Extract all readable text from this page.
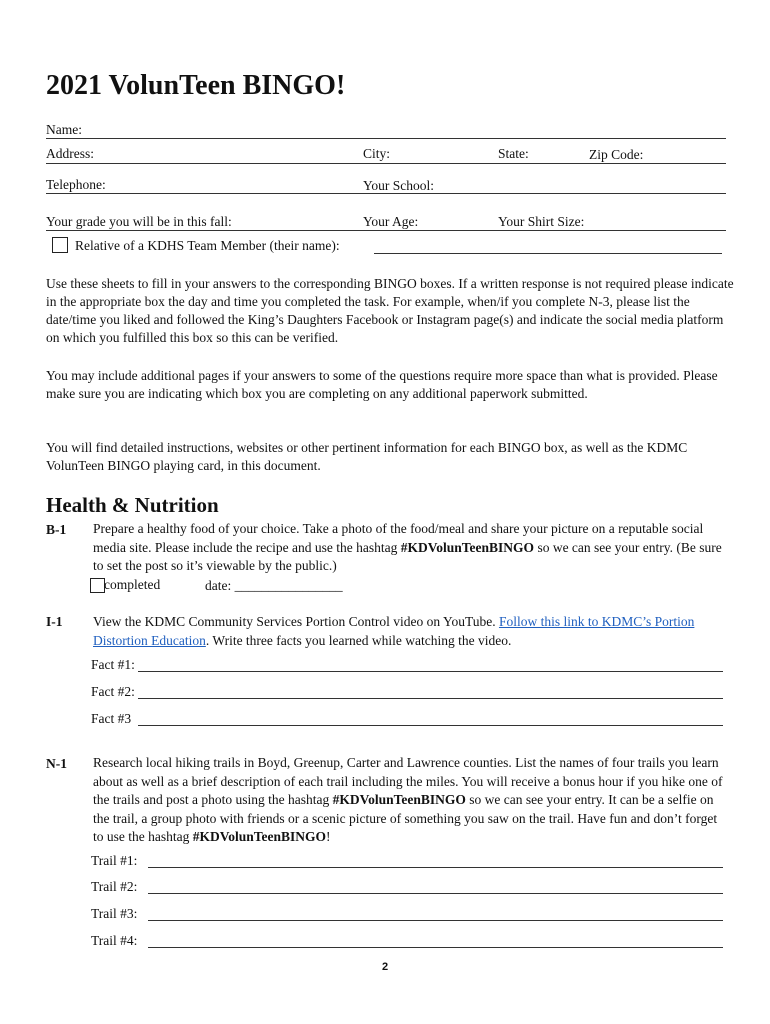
2021 VolunTeen BINGO!
Name:
Address:	City:	State:	Zip Code:
Telephone:	Your School:
Your grade you will be in this fall:	Your Age:	Your Shirt Size:
Relative of a KDHS Team Member (their name):
Use these sheets to fill in your answers to the corresponding BINGO boxes. If a written response is not required please indicate in the appropriate box the day and time you completed the task. For example, when/if you complete N-3, please list the date/time you liked and followed the King’s Daughters Facebook or Instagram page(s) and indicate the social media platform on which you fulfilled this box so this can be verified.
You may include additional pages if your answers to some of the questions require more space than what is provided. Please make sure you are indicating which box you are completing on any additional paperwork submitted.
You will find detailed instructions, websites or other pertinent information for each BINGO box, as well as the KDMC VolunTeen BINGO playing card, in this document.
Health & Nutrition
B-1 Prepare a healthy food of your choice. Take a photo of the food/meal and share your picture on a reputable social media site. Please include the recipe and use the hashtag #KDVolunTeenBINGO so we can see your entry. (Be sure to set the post so it’s viewable by the public.)
completed	date: ________________
I-1 View the KDMC Community Services Portion Control video on YouTube. Follow this link to KDMC’s Portion Distortion Education. Write three facts you learned while watching the video.
Fact #1:
Fact #2:
Fact #3
N-1 Research local hiking trails in Boyd, Greenup, Carter and Lawrence counties. List the names of four trails you learn about as well as a brief description of each trail including the miles. You will receive a bonus hour if you hike one of the trails and post a photo using the hashtag #KDVolunTeenBINGO so we can see your entry. It can be a selfie on the trail, a group photo with friends or a scenic picture of something you saw on the trail. Have fun and don’t forget to use the hashtag #KDVolunTeenBINGO!
Trail #1:
Trail #2:
Trail #3:
Trail #4:
2
